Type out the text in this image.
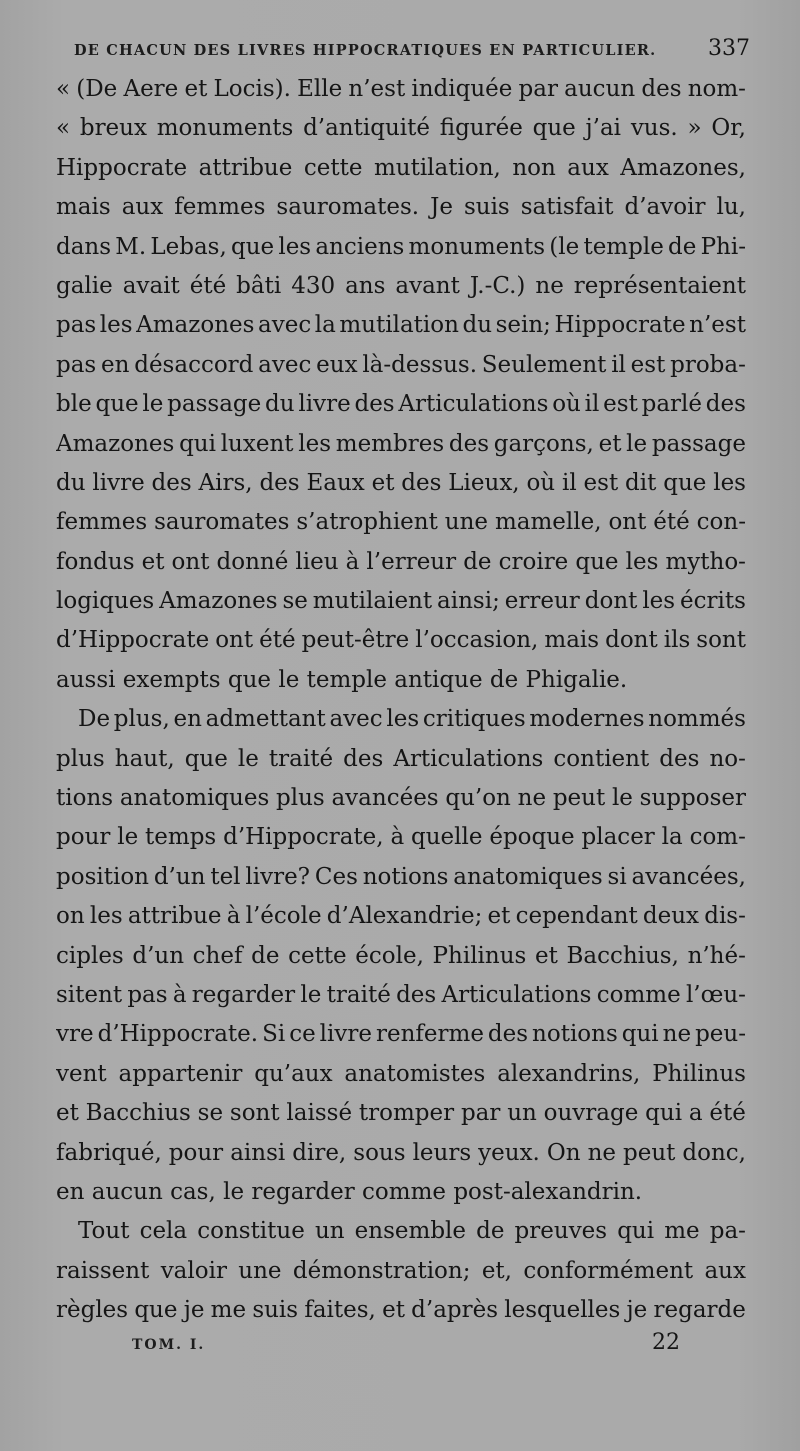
DE CHACUN DES LIVRES HIPPOCRATIQUES EN PARTICULIER. 337
« (De Aere et Locis). Elle n’est indiquée par aucun des nom-
« breux monuments d’antiquité figurée que j’ai vus. » Or,
Hippocrate attribue cette mutilation, non aux Amazones,
mais aux femmes sauromates. Je suis satisfait d’avoir lu,
dans M. Lebas, que les anciens monuments (le temple de Phi-
galie avait été bâti 430 ans avant J.-C.) ne représentaient
pas les Amazones avec la mutilation du sein; Hippocrate n’est
pas en désaccord avec eux là-dessus. Seulement il est proba-
ble que le passage du livre des Articulations où il est parlé des
Amazones qui luxent les membres des garçons, et le passage
du livre des Airs, des Eaux et des Lieux, où il est dit que les
femmes sauromates s’atrophient une mamelle, ont été con-
fondus et ont donné lieu à l’erreur de croire que les mytho-
logiques Amazones se mutilaient ainsi; erreur dont les écrits
d’Hippocrate ont été peut-être l’occasion, mais dont ils sont
aussi exempts que le temple antique de Phigalie.
De plus, en admettant avec les critiques modernes nommés
plus haut, que le traité des Articulations contient des no-
tions anatomiques plus avancées qu’on ne peut le supposer
pour le temps d’Hippocrate, à quelle époque placer la com-
position d’un tel livre? Ces notions anatomiques si avancées,
on les attribue à l’école d’Alexandrie; et cependant deux dis-
ciples d’un chef de cette école, Philinus et Bacchius, n’hé-
sitent pas à regarder le traité des Articulations comme l’œu-
vre d’Hippocrate. Si ce livre renferme des notions qui ne peu-
vent appartenir qu’aux anatomistes alexandrins, Philinus
et Bacchius se sont laissé tromper par un ouvrage qui a été
fabriqué, pour ainsi dire, sous leurs yeux. On ne peut donc,
en aucun cas, le regarder comme post-alexandrin.
Tout cela constitue un ensemble de preuves qui me pa-
raissent valoir une démonstration; et, conformément aux
règles que je me suis faites, et d’après lesquelles je regarde
TOM. I.	22
